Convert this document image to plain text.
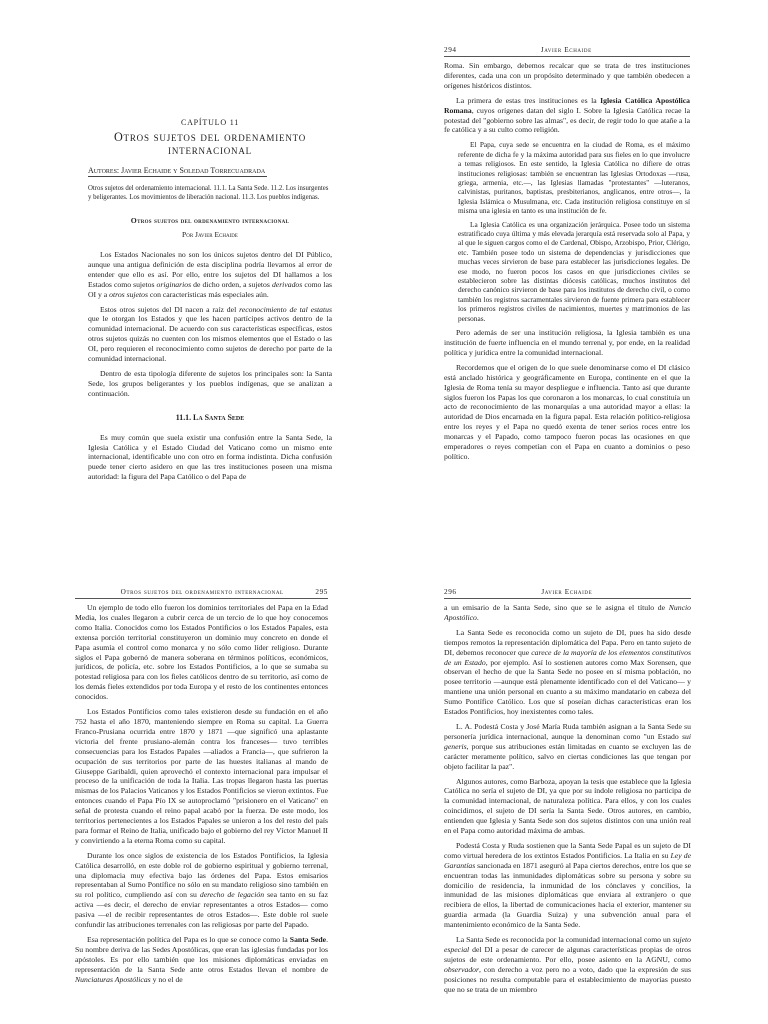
CAPÍTULO 11
Otros sujetos del ordenamiento internacional
Autores: Javier Echaide y Soledad Torrecuadrada
Otros sujetos del ordenamiento internacional. 11.1. La Santa Sede. 11.2. Los insurgentes y beligerantes. Los movimientos de liberación nacional. 11.3. Los pueblos indígenas.
Otros sujetos del ordenamiento internacional
Por Javier Echaide

Los Estados Nacionales no son los únicos sujetos dentro del DI Público, aunque una antigua definición de esta disciplina podría llevarnos al error de entender que ello es así. Por ello, entre los sujetos del DI hallamos a los Estados como sujetos originarios de dicho orden, a sujetos derivados como las OI y a otros sujetos con características más especiales aún.

Estos otros sujetos del DI nacen a raíz del reconocimiento de tal estatus que le otorgan los Estados y que les hacen partícipes activos dentro de la comunidad internacional. De acuerdo con sus características específicas, estos otros sujetos quizás no cuenten con los mismos elementos que el Estado o las OI, pero requieren el reconocimiento como sujetos de derecho por parte de la comunidad internacional.

Dentro de esta tipología diferente de sujetos los principales son: la Santa Sede, los grupos beligerantes y los pueblos indígenas, que se analizan a continuación.

11.1. La Santa Sede

Es muy común que suela existir una confusión entre la Santa Sede, la Iglesia Católica y el Estado Ciudad del Vaticano como un mismo ente internacional, identificable uno con otro en forma indistinta. Dicha confusión puede tener cierto asidero en que las tres instituciones poseen una misma autoridad: la figura del Papa Católico o del Papa de

294	Javier Echaide

Roma. Sin embargo, debemos recalcar que se trata de tres instituciones diferentes, cada una con un propósito determinado y que también obedecen a orígenes históricos distintos.

La primera de estas tres instituciones es la Iglesia Católica Apostólica Romana, cuyos orígenes datan del siglo I. Sobre la Iglesia Católica recae la potestad del "gobierno sobre las almas", es decir, de regir todo lo que atañe a la fe católica y a su culto como religión.

El Papa, cuya sede se encuentra en la ciudad de Roma, es el máximo referente de dicha fe y la máxima autoridad para sus fieles en lo que involucre a temas religiosos. En este sentido, la Iglesia Católica no difiere de otras instituciones religiosas: también se encuentran las Iglesias Ortodoxas —rusa, griega, armenia, etc.—, las Iglesias llamadas "protestantes" —luteranos, calvinistas, puritanos, baptistas, presbiterianos, anglicanos, entre otros—, la Iglesia Islámica o Musulmana, etc. Cada institución religiosa constituye en sí misma una iglesia en tanto es una institución de fe.

La Iglesia Católica es una organización jerárquica. Posee todo un sistema estratificado cuya última y más elevada jerarquía está reservada solo al Papa, y al que le siguen cargos como el de Cardenal, Obispo, Arzobispo, Prior, Clérigo, etc. También posee todo un sistema de dependencias y jurisdicciones que muchas veces sirvieron de base para establecer las jurisdicciones legales. De ese modo, no fueron pocos los casos en que jurisdicciones civiles se establecieron sobre las distintas diócesis católicas, muchos institutos del derecho canónico sirvieron de base para los institutos de derecho civil, o como también los registros sacramentales sirvieron de fuente primera para establecer los primeros registros civiles de nacimientos, muertes y matrimonios de las personas.

Pero además de ser una institución religiosa, la Iglesia también es una institución de fuerte influencia en el mundo terrenal y, por ende, en la realidad política y jurídica entre la comunidad internacional.

Recordemos que el origen de lo que suele denominarse como el DI clásico está anclado histórica y geográficamente en Europa, continente en el que la Iglesia de Roma tenía su mayor despliegue e influencia. Tanto así que durante siglos fueron los Papas los que coronaron a los monarcas, lo cual constituía un acto de reconocimiento de las monarquías a una autoridad mayor a ellas: la autoridad de Dios encarnada en la figura papal. Esta relación político-religiosa entre los reyes y el Papa no quedó exenta de tener serios roces entre los monarcas y el Papado, como tampoco fueron pocas las ocasiones en que emperadores o reyes competían con el Papa en cuanto a dominios o peso político.

Otros sujetos del ordenamiento internacional	295

Un ejemplo de todo ello fueron los dominios territoriales del Papa en la Edad Media, los cuales llegaron a cubrir cerca de un tercio de lo que hoy conocemos como Italia. Conocidos como los Estados Pontificios o los Estados Papales, esta extensa porción territorial constituyeron un dominio muy concreto en donde el Papa asumía el control como monarca y no sólo como líder religioso. Durante siglos el Papa gobernó de manera soberana en términos políticos, económicos, jurídicos, de policía, etc. sobre los Estados Pontificios, a lo que se sumaba su potestad religiosa para con los fieles católicos dentro de su territorio, así como de los demás fieles extendidos por toda Europa y el resto de los continentes entonces conocidos.

Los Estados Pontificios como tales existieron desde su fundación en el año 752 hasta el año 1870, manteniendo siempre en Roma su capital. La Guerra Franco-Prusiana ocurrida entre 1870 y 1871 —que significó una aplastante victoria del frente prusiano-alemán contra los franceses— tuvo terribles consecuencias para los Estados Papales —aliados a Francia—, que sufrieron la ocupación de sus territorios por parte de las huestes italianas al mando de Giuseppe Garibaldi, quien aprovechó el contexto internacional para impulsar el proceso de la unificación de toda la Italia. Las tropas llegaron hasta las puertas mismas de los Palacios Vaticanos y los Estados Pontificios se vieron extintos. Fue entonces cuando el Papa Pío IX se autoproclamó "prisionero en el Vaticano" en señal de protesta cuando el reino papal acabó por la fuerza. De este modo, los territorios pertenecientes a los Estados Papales se unieron a los del resto del país para formar el Reino de Italia, unificado bajo el gobierno del rey Víctor Manuel II y convirtiendo a la eterna Roma como su capital.

Durante los once siglos de existencia de los Estados Pontificios, la Iglesia Católica desarrolló, en este doble rol de gobierno espiritual y gobierno terrenal, una diplomacia muy efectiva bajo las órdenes del Papa. Estos emisarios representaban al Sumo Pontífice no sólo en su mandato religioso sino también en su rol político, cumpliendo así con su derecho de legación sea tanto en su faz activa —es decir, el derecho de enviar representantes a otros Estados— como pasiva —el de recibir representantes de otros Estados—. Este doble rol suele confundir las atribuciones terrenales con las religiosas por parte del Papado.

Esa representación política del Papa es lo que se conoce como la Santa Sede. Su nombre deriva de las Sedes Apostólicas, que eran las iglesias fundadas por los apóstoles. Es por ello también que los misiones diplomáticas enviadas en representación de la Santa Sede ante otros Estados llevan el nombre de Nunciaturas Apostólicas y no el de

296	Javier Echaide

a un emisario de la Santa Sede, sino que se le asigna el título de Nuncio Apostólico.

La Santa Sede es reconocida como un sujeto de DI, pues ha sido desde tiempos remotos la representación diplomática del Papa. Pero en tanto sujeto de DI, debemos reconocer que carece de la mayoría de los elementos constitutivos de un Estado, por ejemplo. Así lo sostienen autores como Max Sorensen, que observan el hecho de que la Santa Sede no posee en sí misma población, no posee territorio —aunque está plenamente identificado con el del Vaticano— y mantiene una unión personal en cuanto a su máximo mandatario en cabeza del Sumo Pontífice Católico. Los que sí poseían dichas características eran los Estados Pontificios, hoy inexistentes como tales.

L. A. Podestá Costa y José María Ruda también asignan a la Santa Sede su personería jurídica internacional, aunque la denominan como "un Estado sui generis, porque sus atribuciones están limitadas en cuanto se excluyen las de carácter meramente político, salvo en ciertas condiciones las que tengan por objeto facilitar la paz".

Algunos autores, como Barboza, apoyan la tesis que establece que la Iglesia Católica no sería el sujeto de DI, ya que por su índole religiosa no participa de la comunidad internacional, de naturaleza política. Para ellos, y con los cuales coincidimos, el sujeto de DI sería la Santa Sede. Otros autores, en cambio, entienden que Iglesia y Santa Sede son dos sujetos distintos con una unión real en el Papa como autoridad máxima de ambas.

Podestá Costa y Ruda sostienen que la Santa Sede Papal es un sujeto de DI como virtual heredera de los extintos Estados Pontificios. La Italia en su Ley de Garantías sancionada en 1871 aseguró al Papa ciertos derechos, entre los que se encuentran todas las inmunidades diplomáticas sobre su persona y sobre su domicilio de residencia, la inmunidad de los cónclaves y concilios, la inmunidad de las misiones diplomáticas que enviara al extranjero o que recibiera de ellos, la libertad de comunicaciones hacia el exterior, mantener su guardia armada (la Guardia Suiza) y una subvención anual para el mantenimiento económico de la Santa Sede.

La Santa Sede es reconocida por la comunidad internacional como un sujeto especial del DI a pesar de carecer de algunas características propias de otros sujetos de este ordenamiento. Por ello, posee asiento en la AGNU, como observador, con derecho a voz pero no a voto, dado que la expresión de sus posiciones no resulta computable para el establecimiento de mayorías puesto que no se trata de un miembro
